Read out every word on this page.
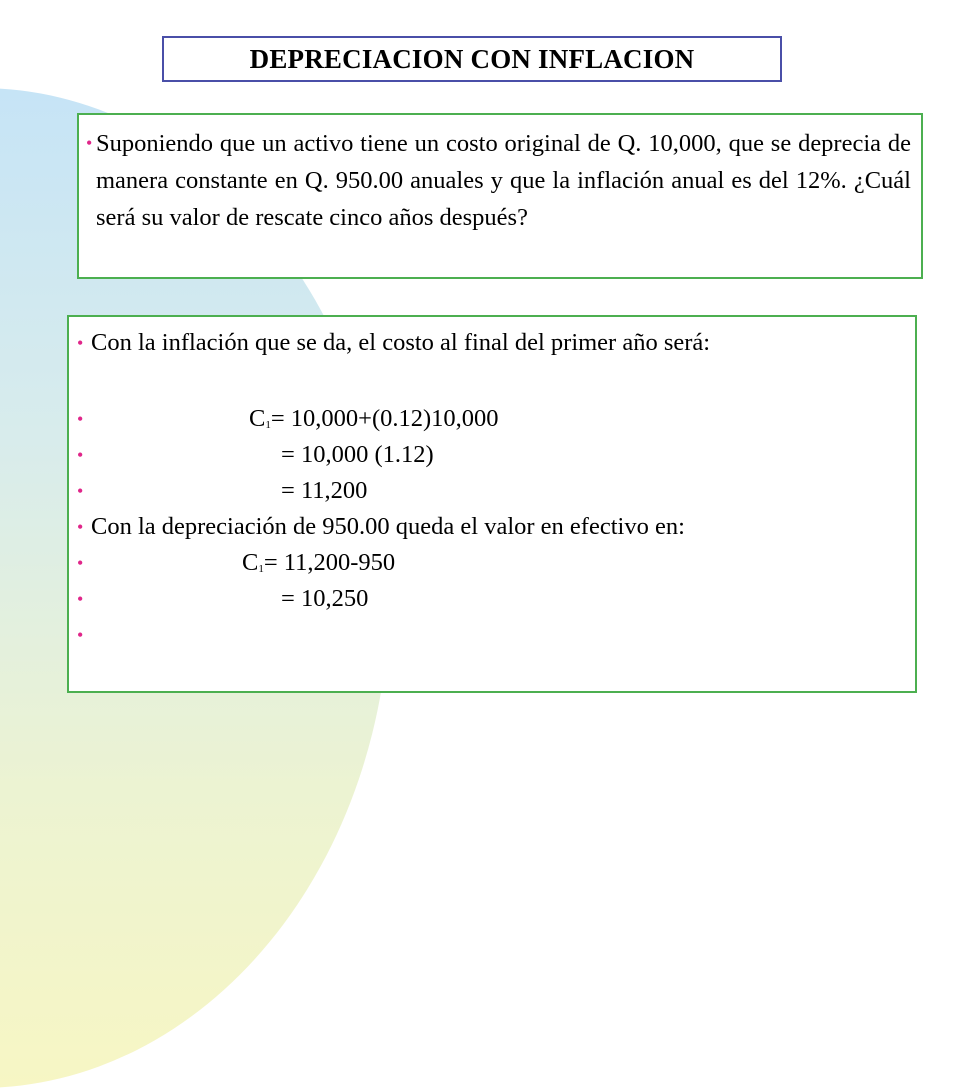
DEPRECIACION CON INFLACION
• Suponiendo que un activo tiene un costo original de Q. 10,000, que se deprecia de manera constante en Q. 950.00 anuales y que la inflación anual es del 12%. ¿Cuál será su valor de rescate cinco años después?
• Con la inflación que se da, el costo al final del primer año será:
•	C1= 10,000+(0.12)10,000
•	= 10,000 (1.12)
•	= 11,200
• Con la depreciación de 950.00 queda el valor en efectivo en:
•	C1= 11,200-950
•	= 10,250
•
